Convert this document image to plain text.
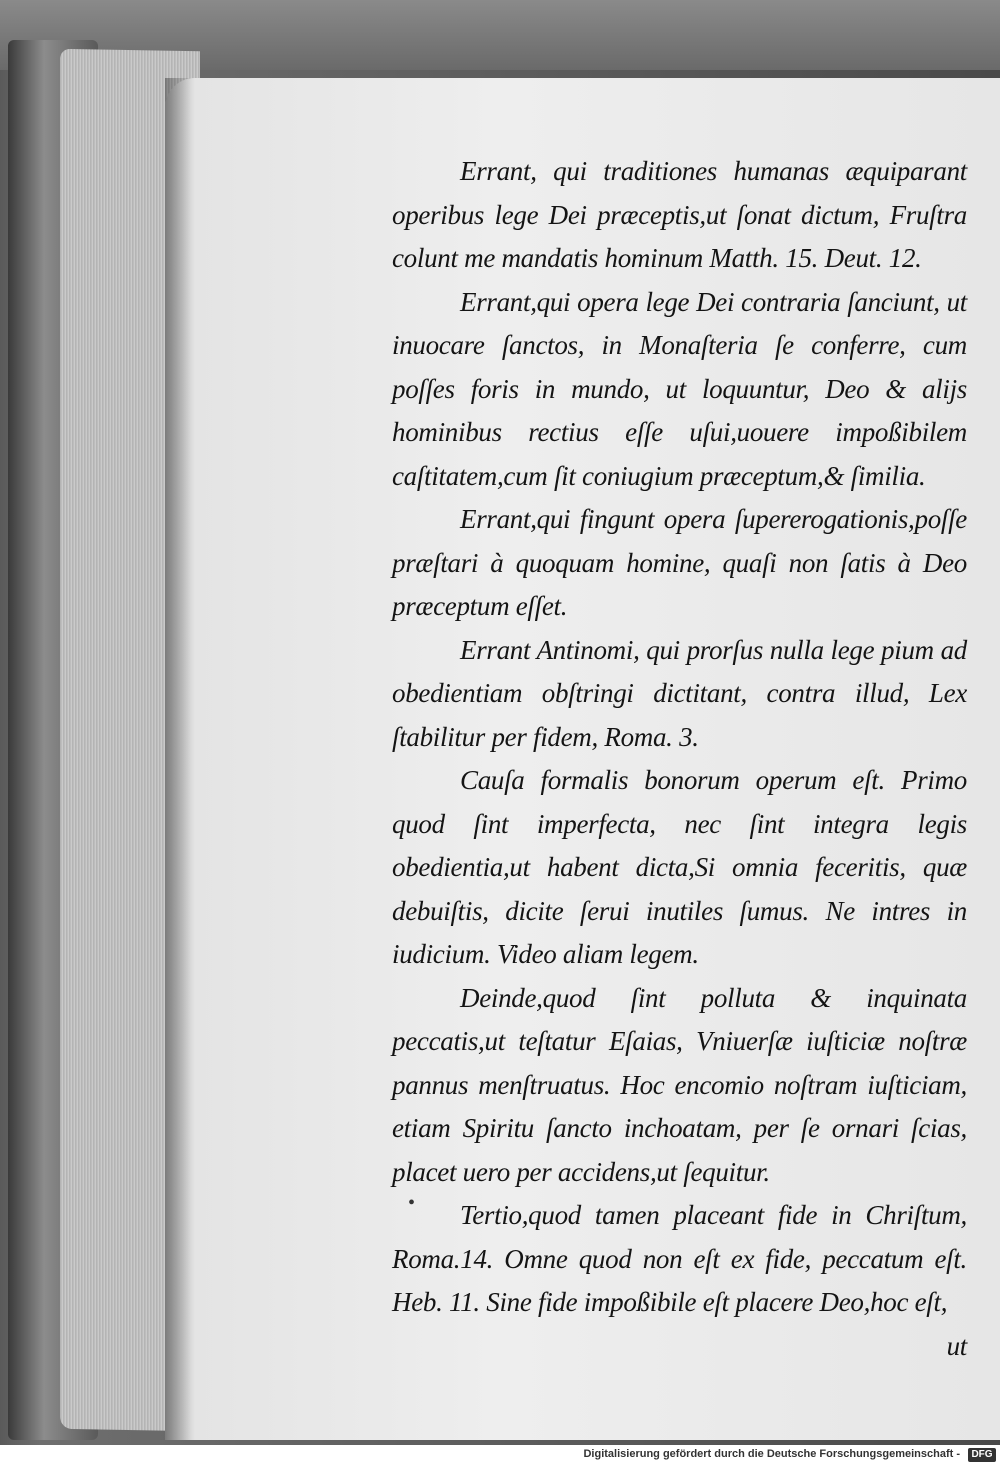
Errant, qui traditiones humanas æquiparant operibus lege Dei præceptis,ut ſonat dictum, Fruſtra colunt me mandatis hominum Matth. 15. Deut. 12.

Errant,qui opera lege Dei contraria ſanciunt, ut inuocare ſanctos, in Monaſteria ſe conferre, cum poſſes foris in mundo, ut loquuntur, Deo & alijs hominibus rectius eſſe uſui,uouere impoßibilem caſtitatem,cum ſit coniugium præceptum,& ſimilia.

Errant,qui fingunt opera ſupererogationis,poſſe præſtari à quoquam homine, quaſi non ſatis à Deo præceptum eſſet.

Errant Antinomi, qui prorſus nulla lege pium ad obedientiam obſtringi dictitant, contra illud, Lex ſtabilitur per fidem, Roma. 3.

Cauſa formalis bonorum operum eſt. Primo quod ſint imperfecta, nec ſint integra legis obedientia,ut habent dicta,Si omnia feceritis, quæ debuiſtis, dicite ſerui inutiles ſumus. Ne intres in iudicium. Video aliam legem.

Deinde,quod ſint polluta & inquinata peccatis,ut teſtatur Eſaias, Vniuerſæ iuſticiæ noſtræ pannus menſtruatus. Hoc encomio noſtram iuſticiam, etiam Spiritu ſancto inchoatam, per ſe ornari ſcias, placet uero per accidens,ut ſequitur.

Tertio,quod tamen placeant fide in Chriſtum, Roma.14. Omne quod non eſt ex fide, peccatum eſt. Heb. 11. Sine fide impoßibile eſt placere Deo,hoc eſt,

ut

•
Digitalisierung gefördert durch die Deutsche Forschungsgemeinschaft -	DFG
